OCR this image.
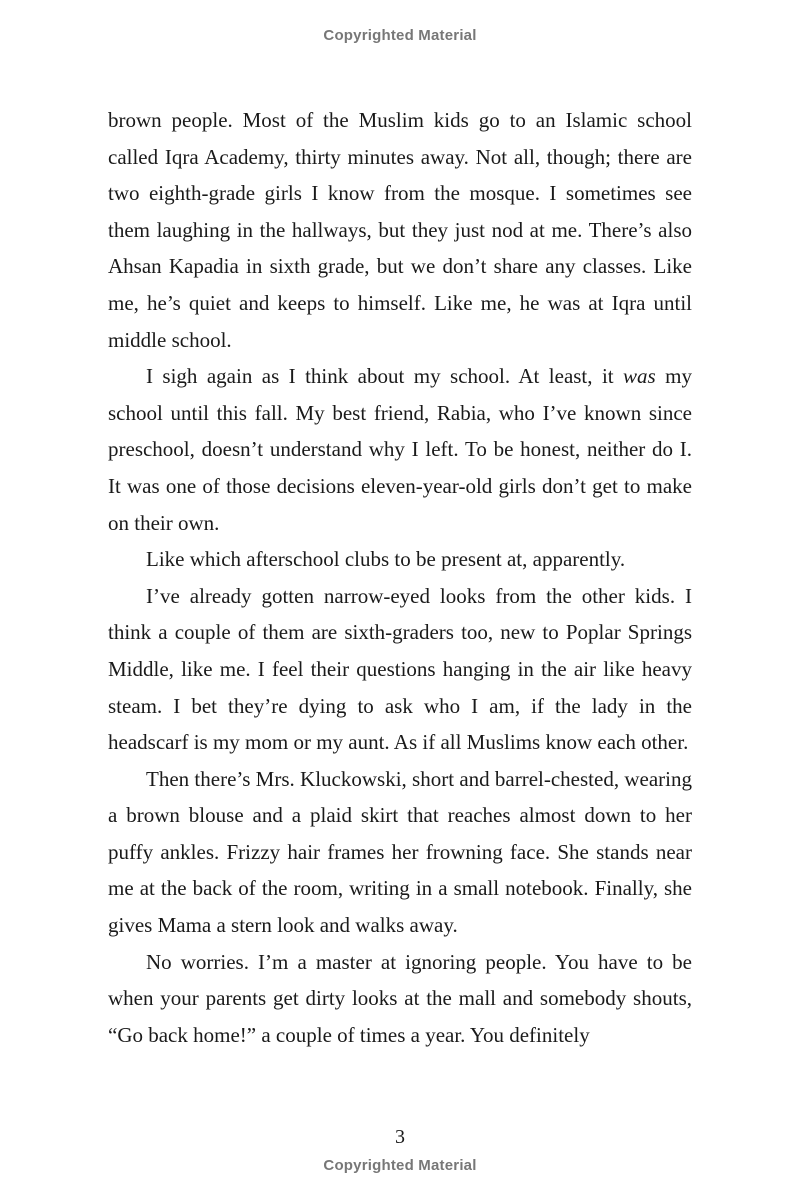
Copyrighted Material

brown people. Most of the Muslim kids go to an Islamic school called Iqra Academy, thirty minutes away. Not all, though; there are two eighth-grade girls I know from the mosque. I sometimes see them laughing in the hallways, but they just nod at me. There’s also Ahsan Kapadia in sixth grade, but we don’t share any classes. Like me, he’s quiet and keeps to himself. Like me, he was at Iqra until middle school.

I sigh again as I think about my school. At least, it was my school until this fall. My best friend, Rabia, who I’ve known since preschool, doesn’t understand why I left. To be honest, neither do I. It was one of those decisions eleven-year-old girls don’t get to make on their own.

Like which afterschool clubs to be present at, apparently.

I’ve already gotten narrow-eyed looks from the other kids. I think a couple of them are sixth-graders too, new to Poplar Springs Middle, like me. I feel their questions hanging in the air like heavy steam. I bet they’re dying to ask who I am, if the lady in the headscarf is my mom or my aunt. As if all Muslims know each other.

Then there’s Mrs. Kluckowski, short and barrel-chested, wearing a brown blouse and a plaid skirt that reaches almost down to her puffy ankles. Frizzy hair frames her frowning face. She stands near me at the back of the room, writing in a small notebook. Finally, she gives Mama a stern look and walks away.

No worries. I’m a master at ignoring people. You have to be when your parents get dirty looks at the mall and somebody shouts, “Go back home!” a couple of times a year. You definitely

3
Copyrighted Material
